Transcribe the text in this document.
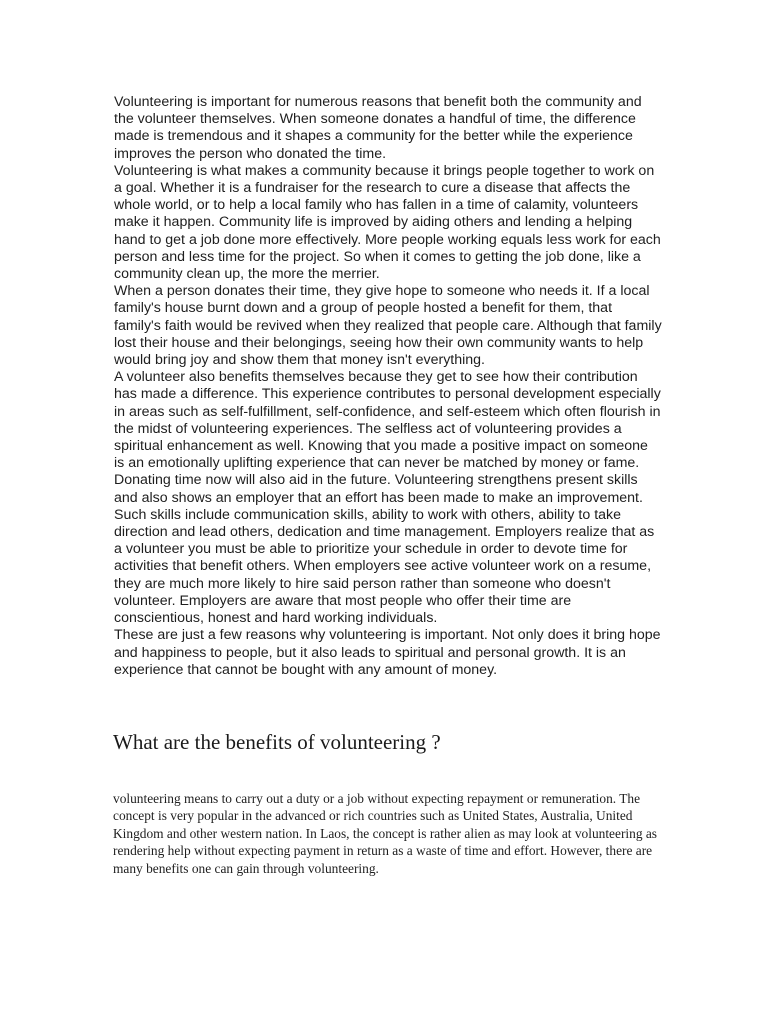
Volunteering is important for numerous reasons that benefit both the community and the volunteer themselves. When someone donates a handful of time, the difference made is tremendous and it shapes a community for the better while the experience improves the person who donated the time.

Volunteering is what makes a community because it brings people together to work on a goal. Whether it is a fundraiser for the research to cure a disease that affects the whole world, or to help a local family who has fallen in a time of calamity, volunteers make it happen. Community life is improved by aiding others and lending a helping hand to get a job done more effectively. More people working equals less work for each person and less time for the project. So when it comes to getting the job done, like a community clean up, the more the merrier.

When a person donates their time, they give hope to someone who needs it. If a local family's house burnt down and a group of people hosted a benefit for them, that family's faith would be revived when they realized that people care. Although that family lost their house and their belongings, seeing how their own community wants to help would bring joy and show them that money isn't everything.

A volunteer also benefits themselves because they get to see how their contribution has made a difference. This experience contributes to personal development especially in areas such as self-fulfillment, self-confidence, and self-esteem which often flourish in the midst of volunteering experiences. The selfless act of volunteering provides a spiritual enhancement as well. Knowing that you made a positive impact on someone is an emotionally uplifting experience that can never be matched by money or fame.

Donating time now will also aid in the future. Volunteering strengthens present skills and also shows an employer that an effort has been made to make an improvement. Such skills include communication skills, ability to work with others, ability to take direction and lead others, dedication and time management. Employers realize that as a volunteer you must be able to prioritize your schedule in order to devote time for activities that benefit others. When employers see active volunteer work on a resume, they are much more likely to hire said person rather than someone who doesn't volunteer. Employers are aware that most people who offer their time are conscientious, honest and hard working individuals.

These are just a few reasons why volunteering is important. Not only does it bring hope and happiness to people, but it also leads to spiritual and personal growth. It is an experience that cannot be bought with any amount of money.

What are the benefits of volunteering ?

volunteering means to carry out a duty or a job without expecting repayment or remuneration. The concept is very popular in the advanced or rich countries such as United States, Australia, United Kingdom and other western nation. In Laos, the concept is rather alien as may look at volunteering as rendering help without expecting payment in return as a waste of time and effort. However, there are many benefits one can gain through volunteering.
